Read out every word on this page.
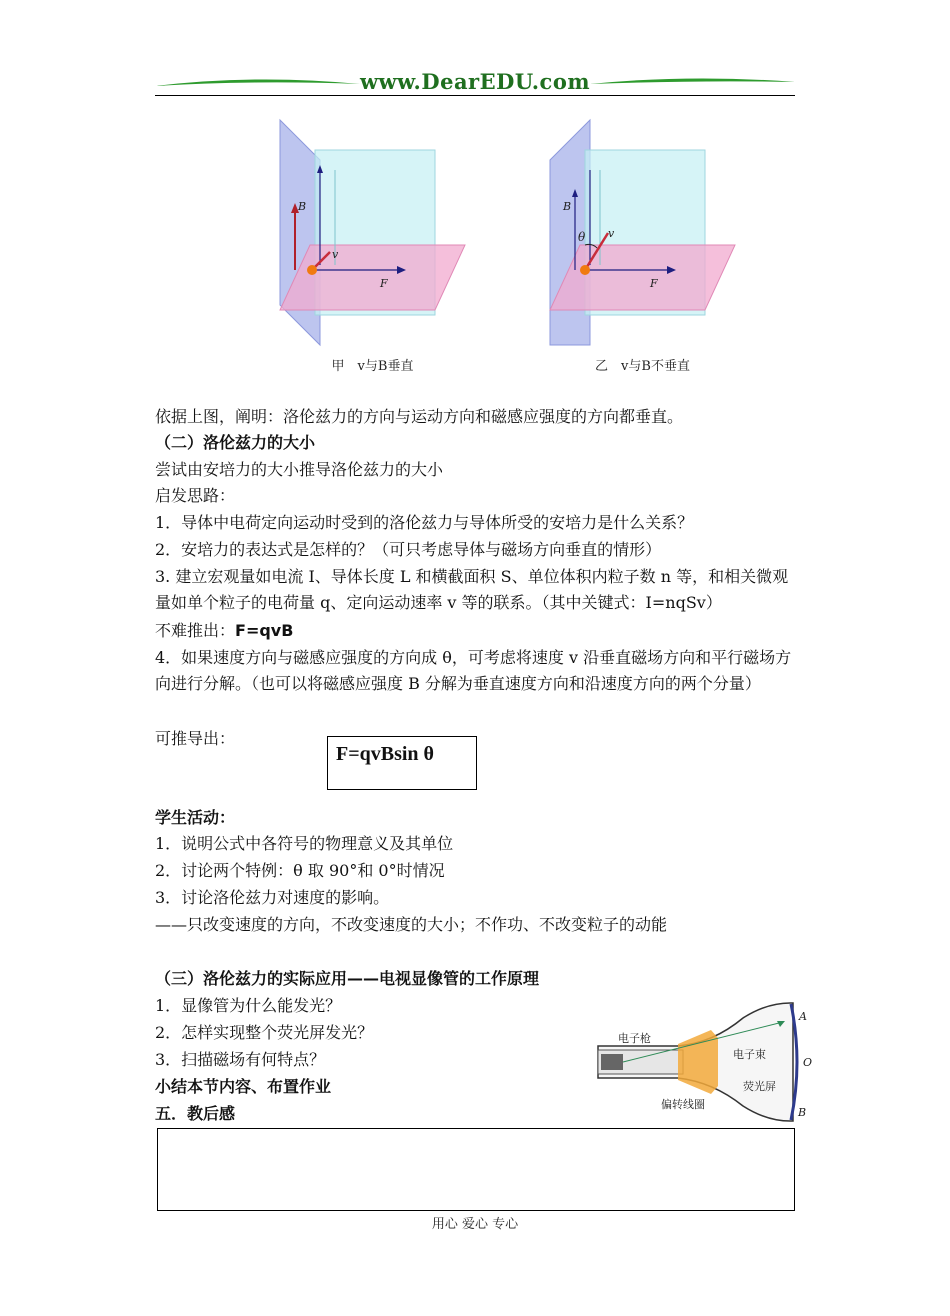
www.DearEDU.com
B
v
F
甲　v与B垂直
B
θ v
F
乙　v与B不垂直
依据上图，阐明：洛伦兹力的方向与运动方向和磁感应强度的方向都垂直。
（二）洛伦兹力的大小
尝试由安培力的大小推导洛伦兹力的大小
启发思路：
1．导体中电荷定向运动时受到的洛伦兹力与导体所受的安培力是什么关系？
2．安培力的表达式是怎样的？（可只考虑导体与磁场方向垂直的情形）
3. 建立宏观量如电流 I、导体长度 L 和横截面积 S、单位体积内粒子数 n 等，和相关微观量如单个粒子的电荷量 q、定向运动速率 v 等的联系。（其中关键式：I=nqSv）
不难推出：F=qvB
4．如果速度方向与磁感应强度的方向成 θ，可考虑将速度 v 沿垂直磁场方向和平行磁场方向进行分解。（也可以将磁感应强度 B 分解为垂直速度方向和沿速度方向的两个分量）
可推导出：
F=qvBsin θ
学生活动：
1．说明公式中各符号的物理意义及其单位
2．讨论两个特例：θ 取 90°和 0°时情况
3．讨论洛伦兹力对速度的影响。
——只改变速度的方向，不改变速度的大小；不作功、不改变粒子的动能
（三）洛伦兹力的实际应用——电视显像管的工作原理
1．显像管为什么能发光？
2．怎样实现整个荧光屏发光？
3．扫描磁场有何特点？
小结本节内容、布置作业
五．教后感
电子枪
电子束
偏转线圈
荧光屏
A
O
B
用心 爱心 专心
